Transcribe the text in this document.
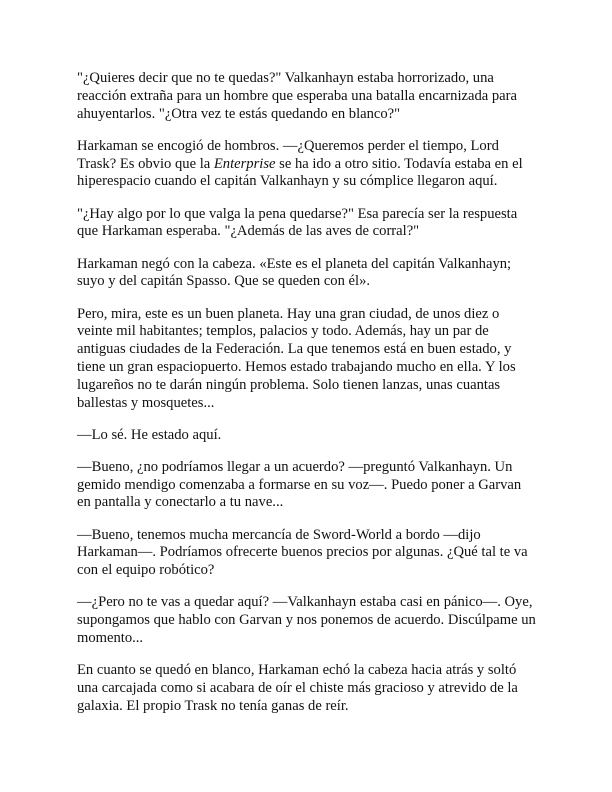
"¿Quieres decir que no te quedas?" Valkanhayn estaba horrorizado, una reacción extraña para un hombre que esperaba una batalla encarnizada para ahuyentarlos. "¿Otra vez te estás quedando en blanco?"

Harkaman se encogió de hombros. —¿Queremos perder el tiempo, Lord Trask? Es obvio que la Enterprise se ha ido a otro sitio. Todavía estaba en el hiperespacio cuando el capitán Valkanhayn y su cómplice llegaron aquí.

"¿Hay algo por lo que valga la pena quedarse?" Esa parecía ser la respuesta que Harkaman esperaba. "¿Además de las aves de corral?"

Harkaman negó con la cabeza. «Este es el planeta del capitán Valkanhayn; suyo y del capitán Spasso. Que se queden con él».

Pero, mira, este es un buen planeta. Hay una gran ciudad, de unos diez o veinte mil habitantes; templos, palacios y todo. Además, hay un par de antiguas ciudades de la Federación. La que tenemos está en buen estado, y tiene un gran espaciopuerto. Hemos estado trabajando mucho en ella. Y los lugareños no te darán ningún problema. Solo tienen lanzas, unas cuantas ballestas y mosquetes...

—Lo sé. He estado aquí.

—Bueno, ¿no podríamos llegar a un acuerdo? —preguntó Valkanhayn. Un gemido mendigo comenzaba a formarse en su voz—. Puedo poner a Garvan en pantalla y conectarlo a tu nave...

—Bueno, tenemos mucha mercancía de Sword-World a bordo —dijo Harkaman—. Podríamos ofrecerte buenos precios por algunas. ¿Qué tal te va con el equipo robótico?

—¿Pero no te vas a quedar aquí? —Valkanhayn estaba casi en pánico—. Oye, supongamos que hablo con Garvan y nos ponemos de acuerdo. Discúlpame un momento...

En cuanto se quedó en blanco, Harkaman echó la cabeza hacia atrás y soltó una carcajada como si acabara de oír el chiste más gracioso y atrevido de la galaxia. El propio Trask no tenía ganas de reír.
